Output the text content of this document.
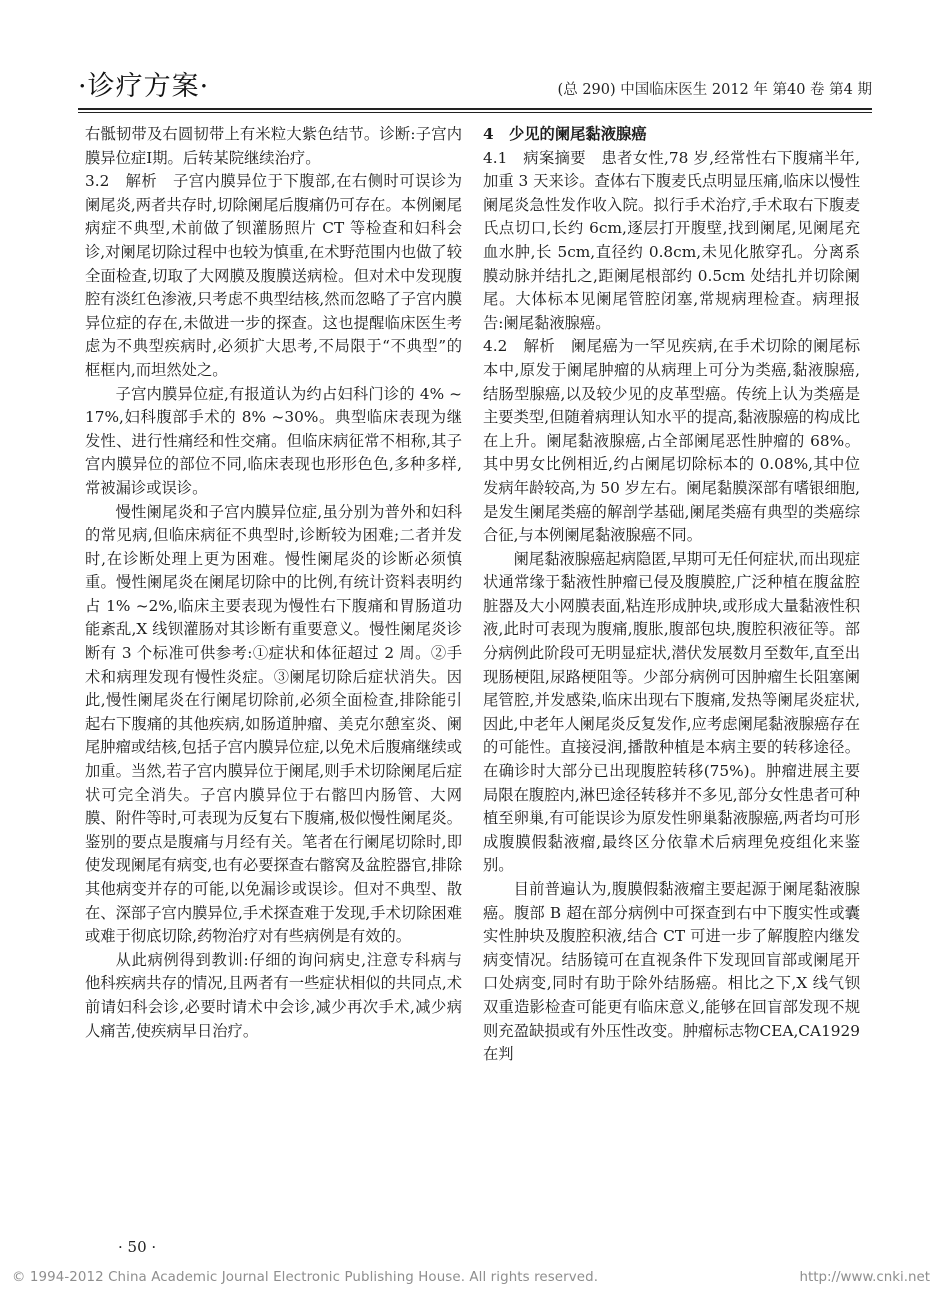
·诊疗方案·	(总 290) 中国临床医生 2012 年 第40 卷 第4 期

右骶韧带及右圆韧带上有米粒大紫色结节。诊断:子宫内膜异位症Ⅰ期。后转某院继续治疗。

3.2　解析　子宫内膜异位于下腹部,在右侧时可误诊为阑尾炎,两者共存时,切除阑尾后腹痛仍可存在。本例阑尾病症不典型,术前做了钡灌肠照片 CT 等检查和妇科会诊,对阑尾切除过程中也较为慎重,在术野范围内也做了较全面检查,切取了大网膜及腹膜送病检。但对术中发现腹腔有淡红色渗液,只考虑不典型结核,然而忽略了子宫内膜异位症的存在,未做进一步的探查。这也提醒临床医生考虑为不典型疾病时,必须扩大思考,不局限于“不典型”的框框内,而坦然处之。

子宫内膜异位症,有报道认为约占妇科门诊的 4% ~17%,妇科腹部手术的 8% ~30%。典型临床表现为继发性、进行性痛经和性交痛。但临床病征常不相称,其子宫内膜异位的部位不同,临床表现也形形色色,多种多样,常被漏诊或误诊。

慢性阑尾炎和子宫内膜异位症,虽分别为普外和妇科的常见病,但临床病征不典型时,诊断较为困难;二者并发时,在诊断处理上更为困难。慢性阑尾炎的诊断必须慎重。慢性阑尾炎在阑尾切除中的比例,有统计资料表明约占 1% ~2%,临床主要表现为慢性右下腹痛和胃肠道功能紊乱,X 线钡灌肠对其诊断有重要意义。慢性阑尾炎诊断有 3 个标准可供参考:①症状和体征超过 2 周。②手术和病理发现有慢性炎症。③阑尾切除后症状消失。因此,慢性阑尾炎在行阑尾切除前,必须全面检查,排除能引起右下腹痛的其他疾病,如肠道肿瘤、美克尔憩室炎、阑尾肿瘤或结核,包括子宫内膜异位症,以免术后腹痛继续或加重。当然,若子宫内膜异位于阑尾,则手术切除阑尾后症状可完全消失。子宫内膜异位于右髂凹内肠管、大网膜、附件等时,可表现为反复右下腹痛,极似慢性阑尾炎。鉴别的要点是腹痛与月经有关。笔者在行阑尾切除时,即使发现阑尾有病变,也有必要探查右髂窝及盆腔器官,排除其他病变并存的可能,以免漏诊或误诊。但对不典型、散在、深部子宫内膜异位,手术探查难于发现,手术切除困难或难于彻底切除,药物治疗对有些病例是有效的。

从此病例得到教训:仔细的询问病史,注意专科病与他科疾病共存的情况,且两者有一些症状相似的共同点,术前请妇科会诊,必要时请术中会诊,减少再次手术,减少病人痛苦,使疾病早日治疗。

4　少见的阑尾黏液腺癌

4.1　病案摘要　患者女性,78 岁,经常性右下腹痛半年,加重 3 天来诊。查体右下腹麦氏点明显压痛,临床以慢性阑尾炎急性发作收入院。拟行手术治疗,手术取右下腹麦氏点切口,长约 6cm,逐层打开腹壁,找到阑尾,见阑尾充血水肿,长 5cm,直径约 0.8cm,未见化脓穿孔。分离系膜动脉并结扎之,距阑尾根部约 0.5cm 处结扎并切除阑尾。大体标本见阑尾管腔闭塞,常规病理检查。病理报告:阑尾黏液腺癌。

4.2　解析　阑尾癌为一罕见疾病,在手术切除的阑尾标本中,原发于阑尾肿瘤的从病理上可分为类癌,黏液腺癌,结肠型腺癌,以及较少见的皮革型癌。传统上认为类癌是主要类型,但随着病理认知水平的提高,黏液腺癌的构成比在上升。阑尾黏液腺癌,占全部阑尾恶性肿瘤的 68%。其中男女比例相近,约占阑尾切除标本的 0.08%,其中位发病年龄较高,为 50 岁左右。阑尾黏膜深部有嗜银细胞,是发生阑尾类癌的解剖学基础,阑尾类癌有典型的类癌综合征,与本例阑尾黏液腺癌不同。

阑尾黏液腺癌起病隐匿,早期可无任何症状,而出现症状通常缘于黏液性肿瘤已侵及腹膜腔,广泛种植在腹盆腔脏器及大小网膜表面,粘连形成肿块,或形成大量黏液性积液,此时可表现为腹痛,腹胀,腹部包块,腹腔积液征等。部分病例此阶段可无明显症状,潜伏发展数月至数年,直至出现肠梗阻,尿路梗阻等。少部分病例可因肿瘤生长阻塞阑尾管腔,并发感染,临床出现右下腹痛,发热等阑尾炎症状,因此,中老年人阑尾炎反复发作,应考虑阑尾黏液腺癌存在的可能性。直接浸润,播散种植是本病主要的转移途径。在确诊时大部分已出现腹腔转移(75%)。肿瘤进展主要局限在腹腔内,淋巴途径转移并不多见,部分女性患者可种植至卵巢,有可能误诊为原发性卵巢黏液腺癌,两者均可形成腹膜假黏液瘤,最终区分依靠术后病理免疫组化来鉴别。

目前普遍认为,腹膜假黏液瘤主要起源于阑尾黏液腺癌。腹部 B 超在部分病例中可探查到右中下腹实性或囊实性肿块及腹腔积液,结合 CT 可进一步了解腹腔内继发病变情况。结肠镜可在直视条件下发现回盲部或阑尾开口处病变,同时有助于除外结肠癌。相比之下,X 线气钡双重造影检查可能更有临床意义,能够在回盲部发现不规则充盈缺损或有外压性改变。肿瘤标志物CEA,CA1929 在判

· 50 ·
© 1994-2012 China Academic Journal Electronic Publishing House. All rights reserved.	http://www.cnki.net
